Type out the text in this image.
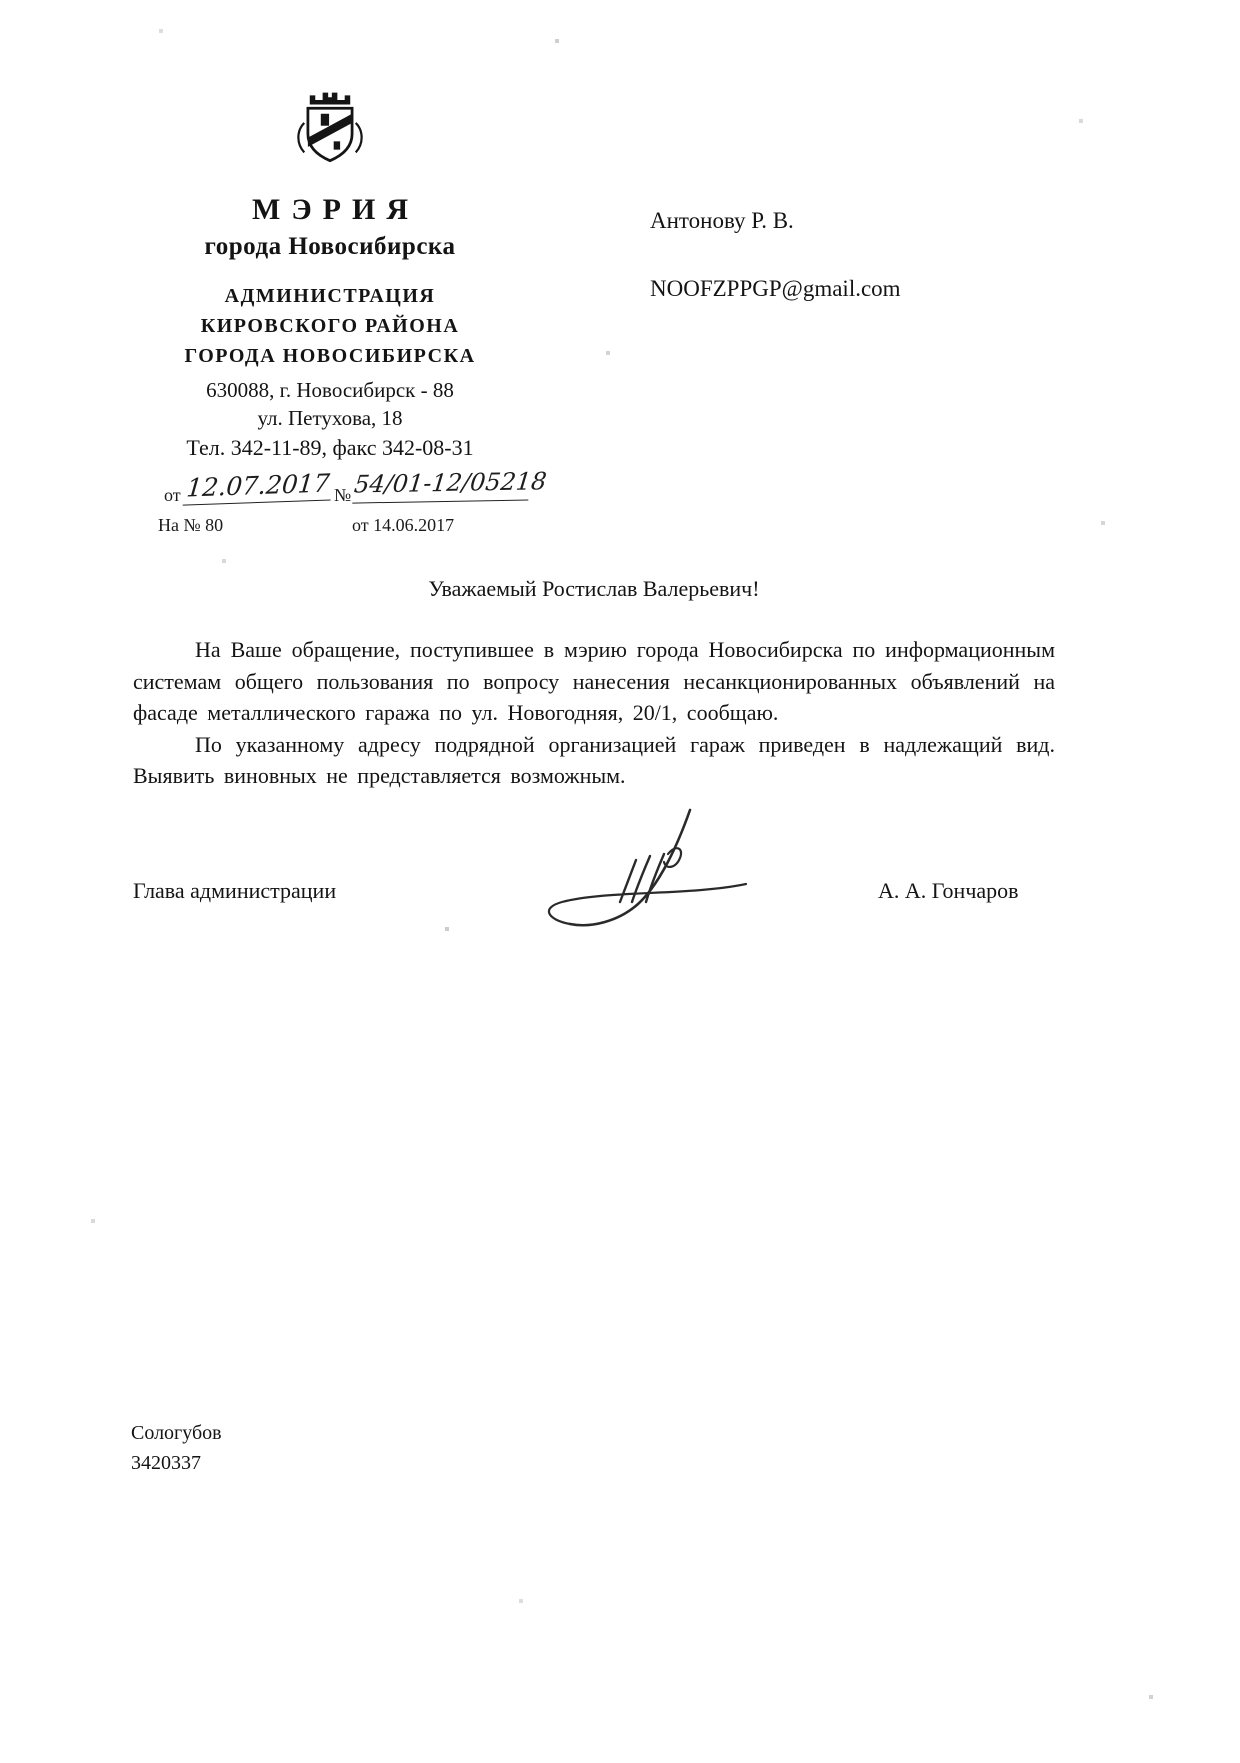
МЭРИЯ
города Новосибирска
АДМИНИСТРАЦИЯ
КИРОВСКОГО РАЙОНА
ГОРОДА НОВОСИБИРСКА
630088, г. Новосибирск - 88
ул. Петухова, 18
Тел. 342-11-89, факс 342-08-31
от 12.07.2017 № 54/01-12/05218
На № 80	от 14.06.2017
Антонову Р. В.
NOOFZPPGP@gmail.com
Уважаемый Ростислав Валерьевич!

На Ваше обращение, поступившее в мэрию города Новосибирска по информационным системам общего пользования по вопросу нанесения несанкционированных объявлений на фасаде металлического гаража по ул. Новогодняя, 20/1, сообщаю.

По указанному адресу подрядной организацией гараж приведен в надлежащий вид. Выявить виновных не представляется возможным.

Глава администрации	А. А. Гончаров
Сологубов
3420337
